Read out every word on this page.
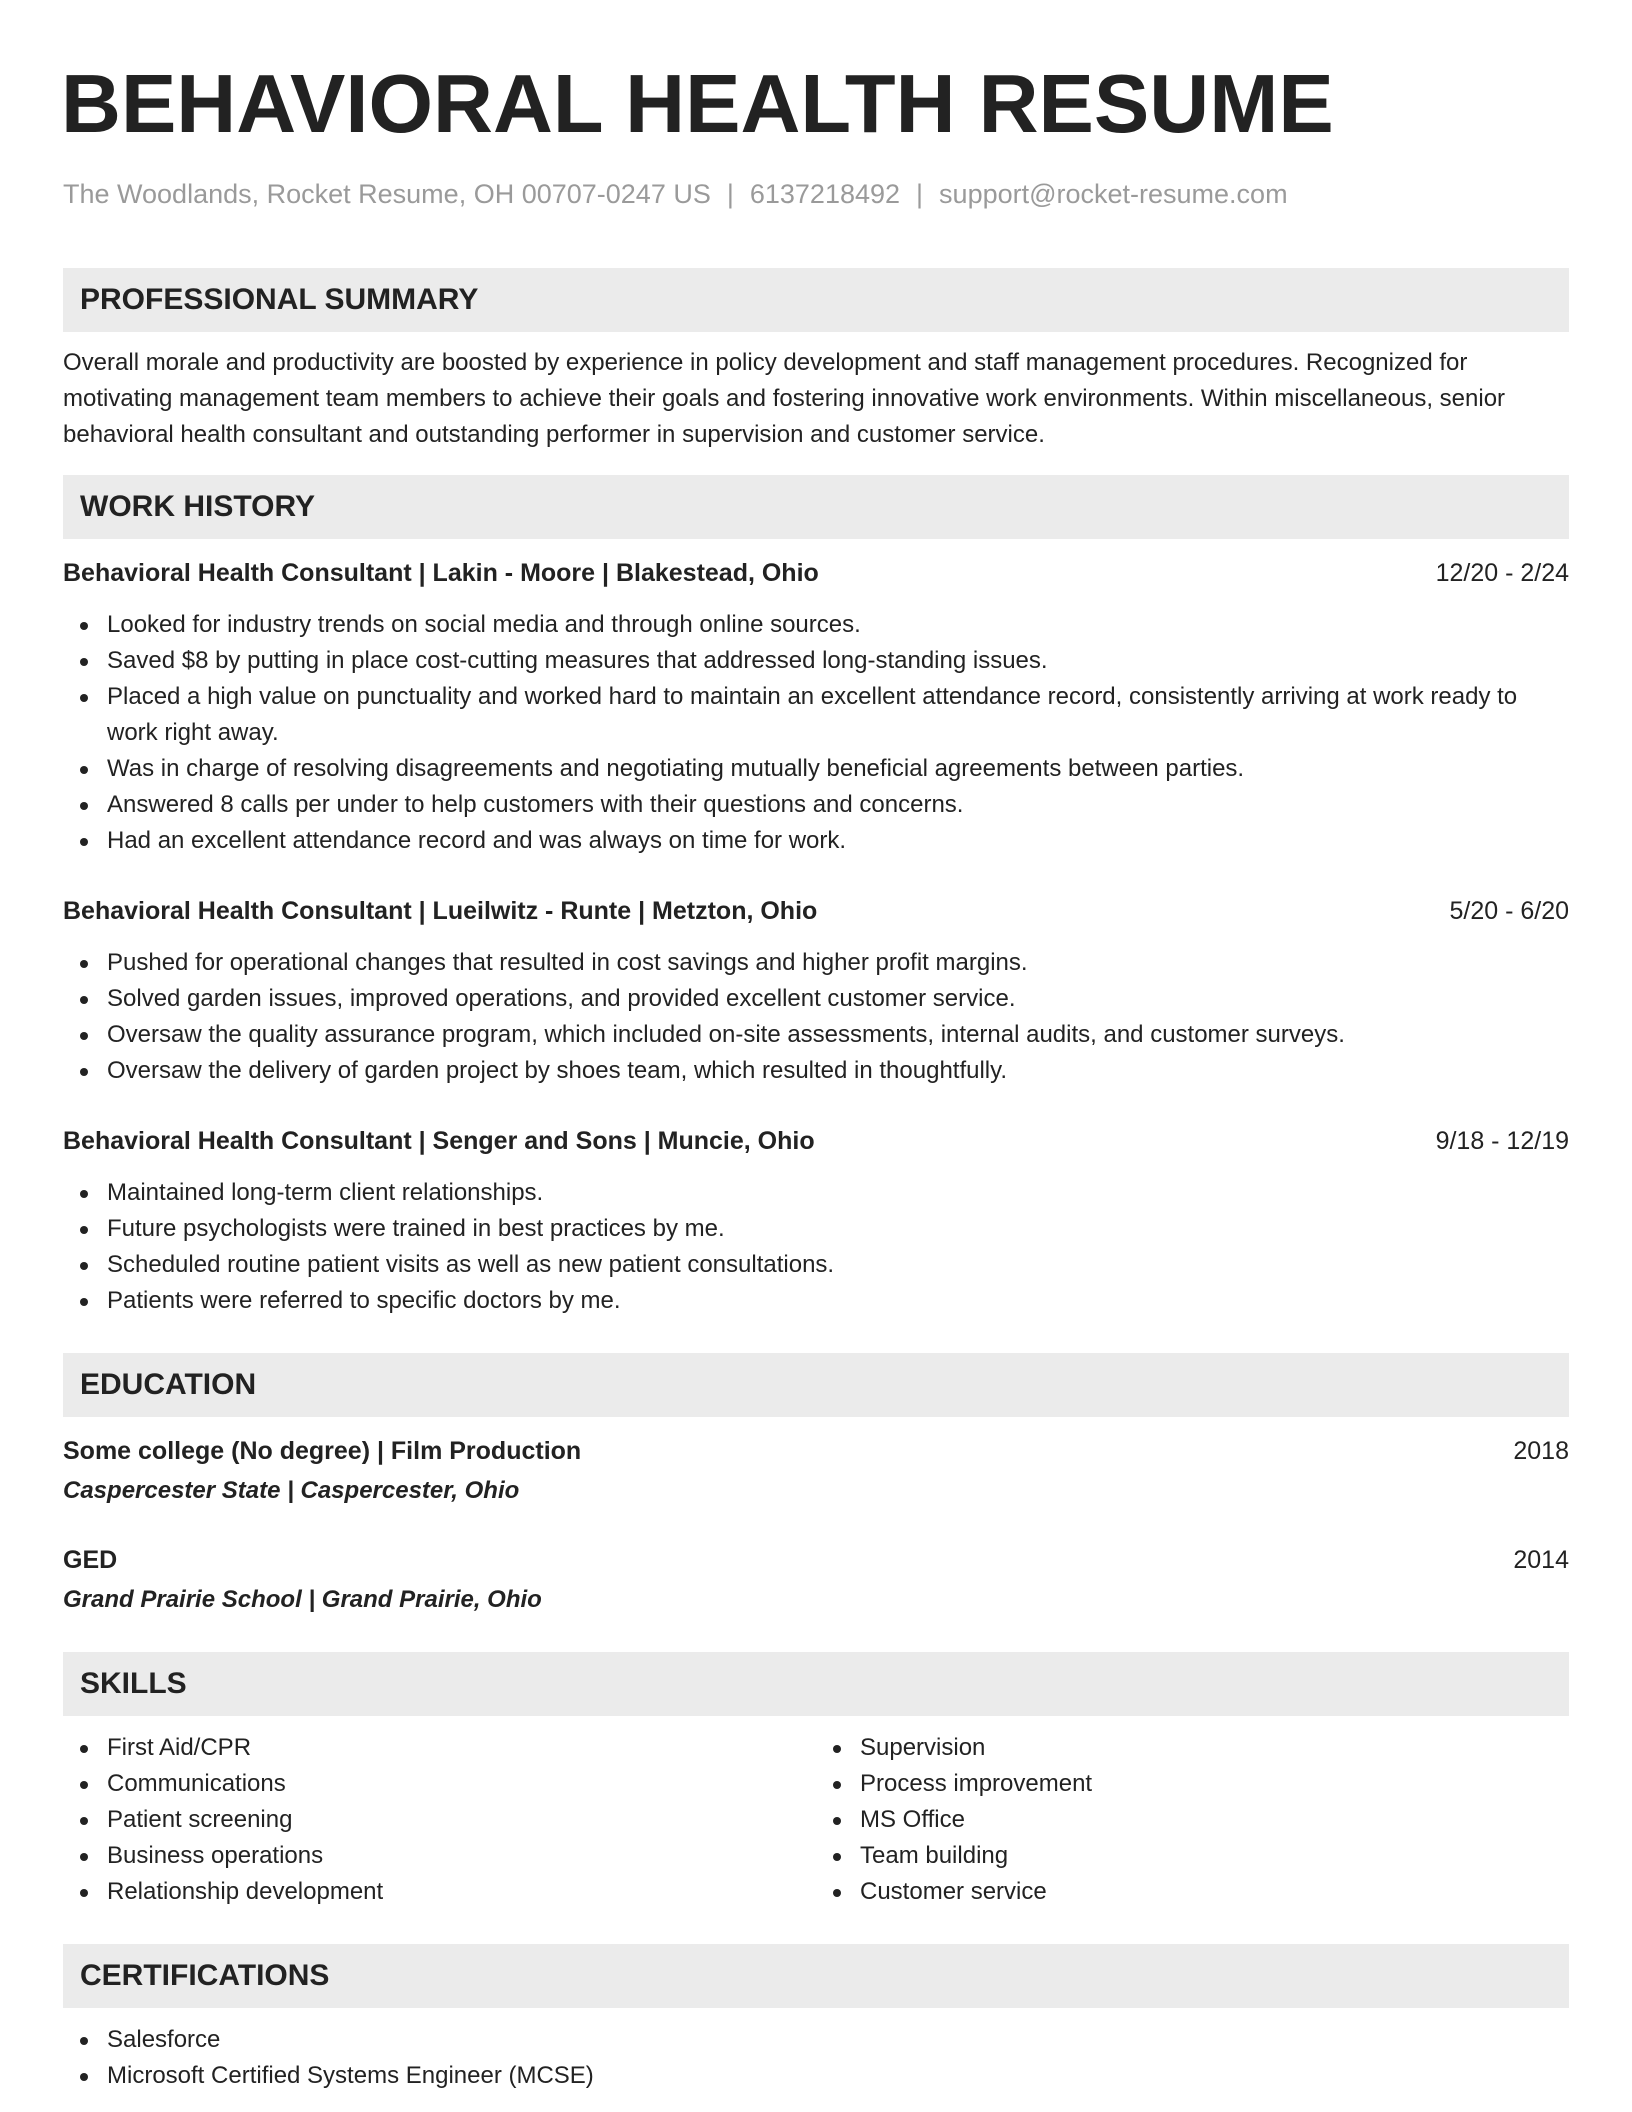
BEHAVIORAL HEALTH RESUME
The Woodlands, Rocket Resume, OH 00707-0247 US | 6137218492 | support@rocket-resume.com
PROFESSIONAL SUMMARY

Overall morale and productivity are boosted by experience in policy development and staff management procedures. Recognized for motivating management team members to achieve their goals and fostering innovative work environments. Within miscellaneous, senior behavioral health consultant and outstanding performer in supervision and customer service.

WORK HISTORY
Behavioral Health Consultant | Lakin - Moore | Blakestead, Ohio	12/20 - 2/24
Looked for industry trends on social media and through online sources.
Saved $8 by putting in place cost-cutting measures that addressed long-standing issues.
Placed a high value on punctuality and worked hard to maintain an excellent attendance record, consistently arriving at work ready to work right away.
Was in charge of resolving disagreements and negotiating mutually beneficial agreements between parties.
Answered 8 calls per under to help customers with their questions and concerns.
Had an excellent attendance record and was always on time for work.
Behavioral Health Consultant | Lueilwitz - Runte | Metzton, Ohio	5/20 - 6/20
Pushed for operational changes that resulted in cost savings and higher profit margins.
Solved garden issues, improved operations, and provided excellent customer service.
Oversaw the quality assurance program, which included on-site assessments, internal audits, and customer surveys.
Oversaw the delivery of garden project by shoes team, which resulted in thoughtfully.
Behavioral Health Consultant | Senger and Sons | Muncie, Ohio	9/18 - 12/19
Maintained long-term client relationships.
Future psychologists were trained in best practices by me.
Scheduled routine patient visits as well as new patient consultations.
Patients were referred to specific doctors by me.
EDUCATION
Some college (No degree) | Film Production	2018
Caspercester State | Caspercester, Ohio
GED	2014
Grand Prairie School | Grand Prairie, Ohio
SKILLS
First Aid/CPR
Communications
Patient screening
Business operations
Relationship development
Supervision
Process improvement
MS Office
Team building
Customer service
CERTIFICATIONS
Salesforce
Microsoft Certified Systems Engineer (MCSE)
